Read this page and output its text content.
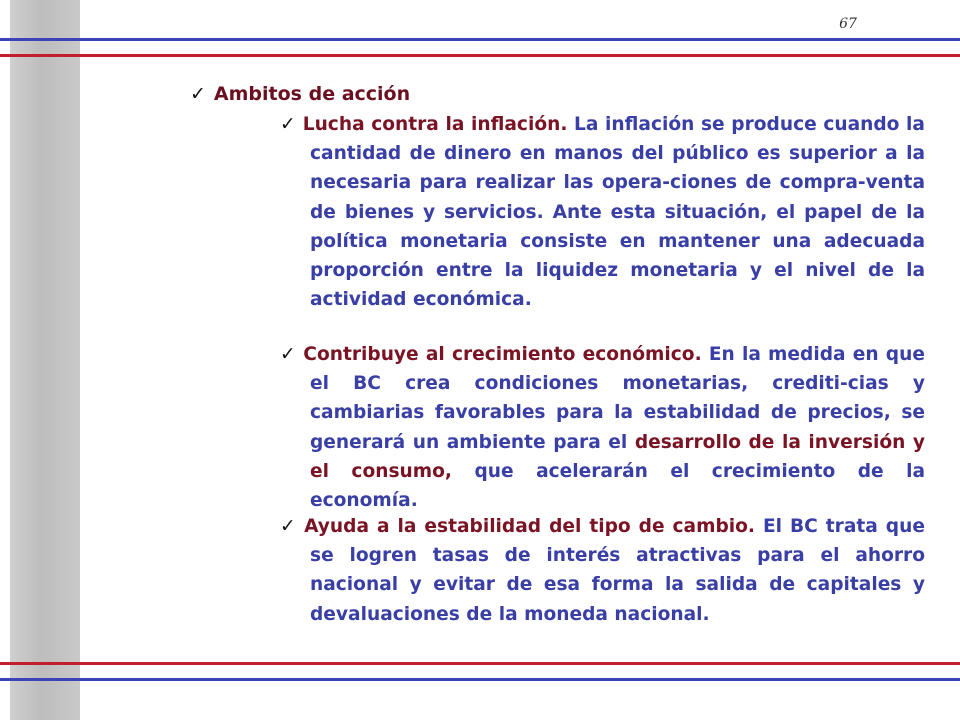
67
✓ Ambitos de acción
✓ Lucha contra la inflación. La inflación se produce cuando la cantidad de dinero en manos del público es superior a la necesaria para realizar las opera-ciones de compra-venta de bienes y servicios. Ante esta situación, el papel de la política monetaria consiste en mantener una adecuada proporción entre la liquidez monetaria y el nivel de la actividad económica.
✓ Contribuye al crecimiento económico. En la medida en que el BC crea condiciones monetarias, crediti-cias y cambiarias favorables para la estabilidad de precios, se generará un ambiente para el desarrollo de la inversión y el consumo, que acelerarán el crecimiento de la economía.
✓ Ayuda a la estabilidad del tipo de cambio. El BC trata que se logren tasas de interés atractivas para el ahorro nacional y evitar de esa forma la salida de capitales y devaluaciones de la moneda nacional.
